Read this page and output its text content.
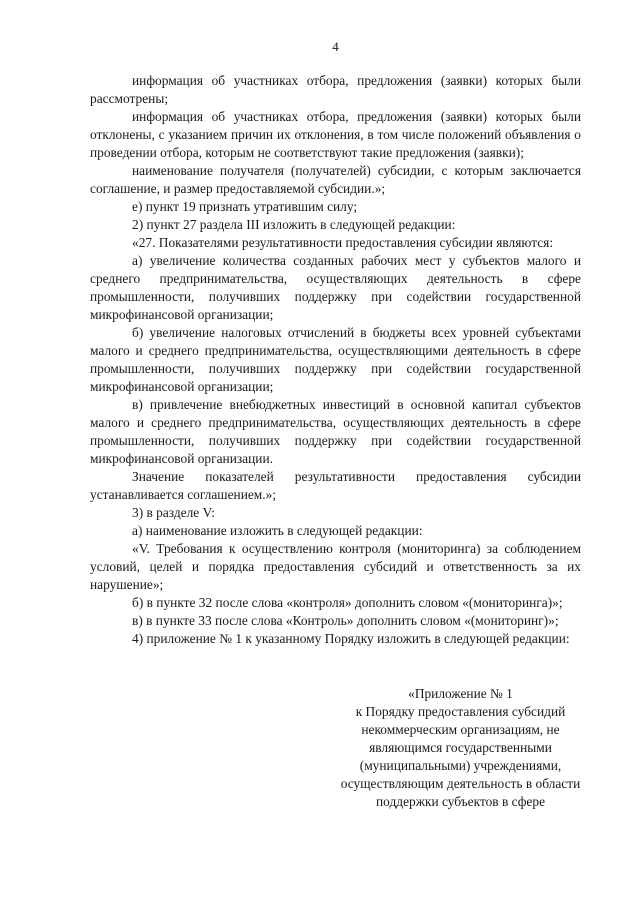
4

информация об участниках отбора, предложения (заявки) которых были рассмотрены;

информация об участниках отбора, предложения (заявки) которых были отклонены, с указанием причин их отклонения, в том числе положений объявления о проведении отбора, которым не соответствуют такие предложения (заявки);

наименование получателя (получателей) субсидии, с которым заключается соглашение, и размер предоставляемой субсидии.»;

е) пункт 19 признать утратившим силу;

2) пункт 27 раздела III изложить в следующей редакции:

«27. Показателями результативности предоставления субсидии являются:

а) увеличение количества созданных рабочих мест у субъектов малого и среднего предпринимательства, осуществляющих деятельность в сфере промышленности, получивших поддержку при содействии государственной микрофинансовой организации;

б) увеличение налоговых отчислений в бюджеты всех уровней субъектами малого и среднего предпринимательства, осуществляющими деятельность в сфере промышленности, получивших поддержку при содействии государственной микрофинансовой организации;

в) привлечение внебюджетных инвестиций в основной капитал субъектов малого и среднего предпринимательства, осуществляющих деятельность в сфере промышленности, получивших поддержку при содействии государственной микрофинансовой организации.

Значение показателей результативности предоставления субсидии устанавливается соглашением.»;

3) в разделе V:

а) наименование изложить в следующей редакции:

«V. Требования к осуществлению контроля (мониторинга) за соблюдением условий, целей и порядка предоставления субсидий и ответственность за их нарушение»;

б) в пункте 32 после слова «контроля» дополнить словом «(мониторинга)»;

в) в пункте 33 после слова «Контроль» дополнить словом «(мониторинг)»;

4) приложение № 1 к указанному Порядку изложить в следующей редакции:

«Приложение № 1
к Порядку предоставления субсидий
некоммерческим организациям, не
являющимся государственными
(муниципальными) учреждениями,
осуществляющим деятельность в области
поддержки субъектов в сфере
